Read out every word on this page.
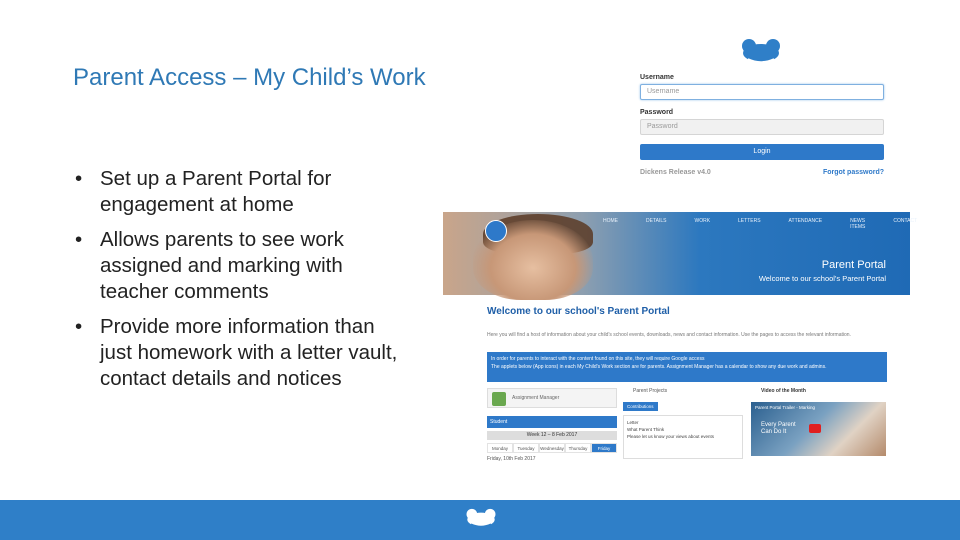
Parent Access – My Child’s Work
• Set up a Parent Portal for engagement at home
• Allows parents to see work assigned and marking with teacher comments
• Provide more information than just homework with a letter vault, contact details and notices
Username
Username
Password
Password
Login
Dickens Release v4.0	Forgot password?
HOME	DETAILS	WORK	LETTERS	ATTENDANCE	NEWS ITEMS
CONTACT
Parent Portal
Welcome to our school's Parent Portal
Welcome to our school's Parent Portal
Here you will find a host of information about your child's school events, downloads, news and contact information. Use the pages to access the relevant information.
In order for parents to interact with the content found on this site, they will require Google access
The applets below (App icons) in each My Child's Work section are for parents. Assignment Manager has a calendar to show any due work and admins.
Assignment Manager
Student
Week 12 – 8 Feb 2017
Monday	Tuesday	Wednesday	Thursday	Friday
Friday, 10th Feb 2017
Parent Projects
Contributions
Letter
What Parent Think
Please let us know your views about events
Video of the Month
Parent Portal Trailer - Marking
Every Parent
Can Do It
